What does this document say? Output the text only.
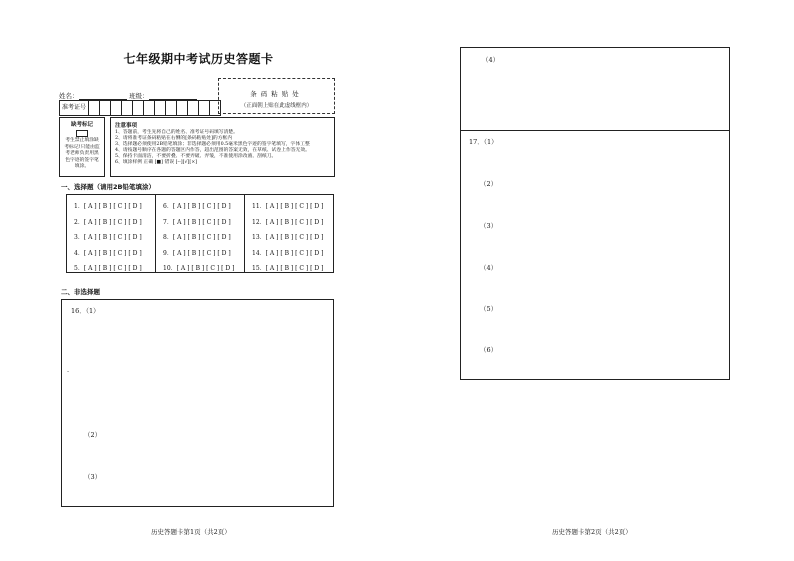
七年级期中考试历史答题卡
姓名：	班级：
准考证号
条码粘贴处
（正面朝上贴在此虚线框内）
缺考标记
考生禁止填涂缺考标记!只能由监考老师负责用黑色字迹的签字笔填涂。
注意事项
1、答题前，考生先将自己的姓名、准考证号码填写清楚。
2、请将准考证条码粘贴在右侧的[条码粘贴处]的方框内
3、选择题必须使用2B铅笔填涂；非选择题必须用0.5毫米黑色字迹的签字笔填写，字体工整
4、请按题号顺序在各题的答题区内作答，超出范围的答案无效，在草纸、试卷上作答无效。
5、保持卡面清洁，不要折叠、不要弄破、弄皱，不准使用涂改液、刮纸刀。
6、填涂样例 正确 [■] 错误 [--][√][×]
一、选择题（请用2B铅笔填涂）
1．[ A ] [ B ] [ C ] [ D ]
2．[ A ] [ B ] [ C ] [ D ]
3．[ A ] [ B ] [ C ] [ D ]
4．[ A ] [ B ] [ C ] [ D ]
5．[ A ] [ B ] [ C ] [ D ]
6．[ A ] [ B ] [ C ] [ D ]
7．[ A ] [ B ] [ C ] [ D ]
8．[ A ] [ B ] [ C ] [ D ]
9．[ A ] [ B ] [ C ] [ D ]
10．[ A ] [ B ] [ C ] [ D ]
11．[ A ] [ B ] [ C ] [ D ]
12．[ A ] [ B ] [ C ] [ D ]
13．[ A ] [ B ] [ C ] [ D ]
14．[ A ] [ B ] [ C ] [ D ]
15．[ A ] [ B ] [ C ] [ D ]
二、非选择题
16．（1）
.
（2）
（3）
（4）
17．（1）
（2）
（3）
（4）
（5）
（6）
历史答题卡第1页（共2页）	历史答题卡第2页（共2页）
